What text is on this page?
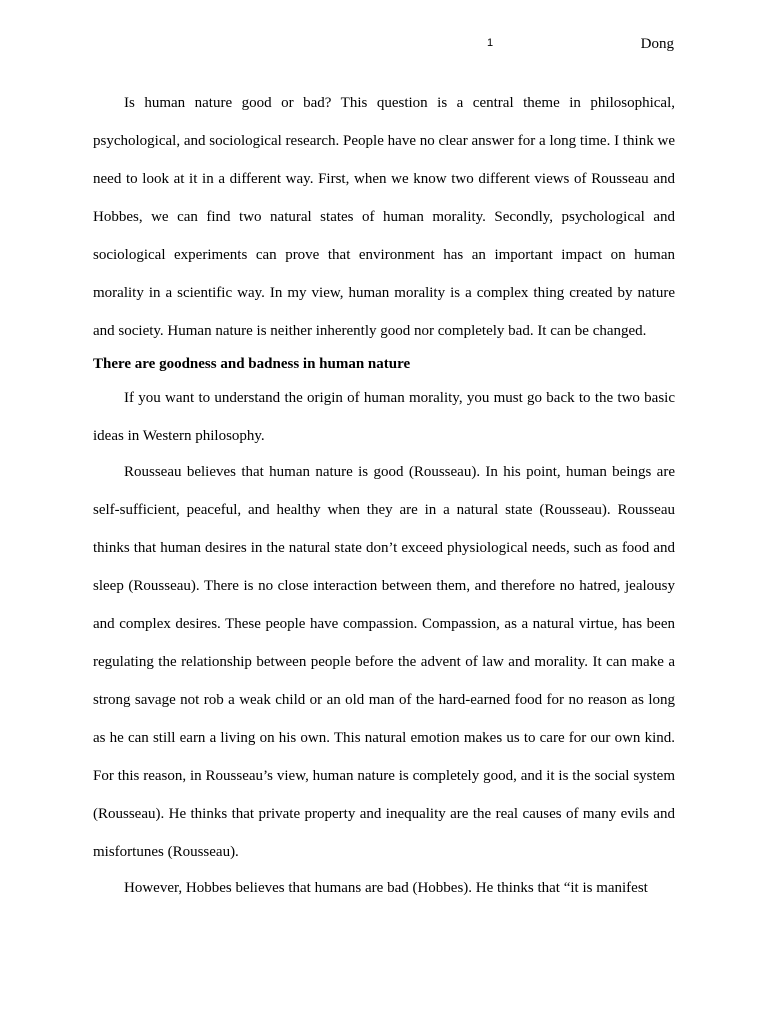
1	Dong

Is human nature good or bad? This question is a central theme in philosophical, psychological, and sociological research. People have no clear answer for a long time. I think we need to look at it in a different way. First, when we know two different views of Rousseau and Hobbes, we can find two natural states of human morality. Secondly, psychological and sociological experiments can prove that environment has an important impact on human morality in a scientific way. In my view, human morality is a complex thing created by nature and society. Human nature is neither inherently good nor completely bad. It can be changed.

There are goodness and badness in human nature

If you want to understand the origin of human morality, you must go back to the two basic ideas in Western philosophy.

Rousseau believes that human nature is good (Rousseau). In his point, human beings are self-sufficient, peaceful, and healthy when they are in a natural state (Rousseau). Rousseau thinks that human desires in the natural state don’t exceed physiological needs, such as food and sleep (Rousseau). There is no close interaction between them, and therefore no hatred, jealousy and complex desires. These people have compassion. Compassion, as a natural virtue, has been regulating the relationship between people before the advent of law and morality. It can make a strong savage not rob a weak child or an old man of the hard-earned food for no reason as long as he can still earn a living on his own. This natural emotion makes us to care for our own kind. For this reason, in Rousseau’s view, human nature is completely good, and it is the social system (Rousseau). He thinks that private property and inequality are the real causes of many evils and misfortunes (Rousseau).

However, Hobbes believes that humans are bad (Hobbes). He thinks that “it is manifest
